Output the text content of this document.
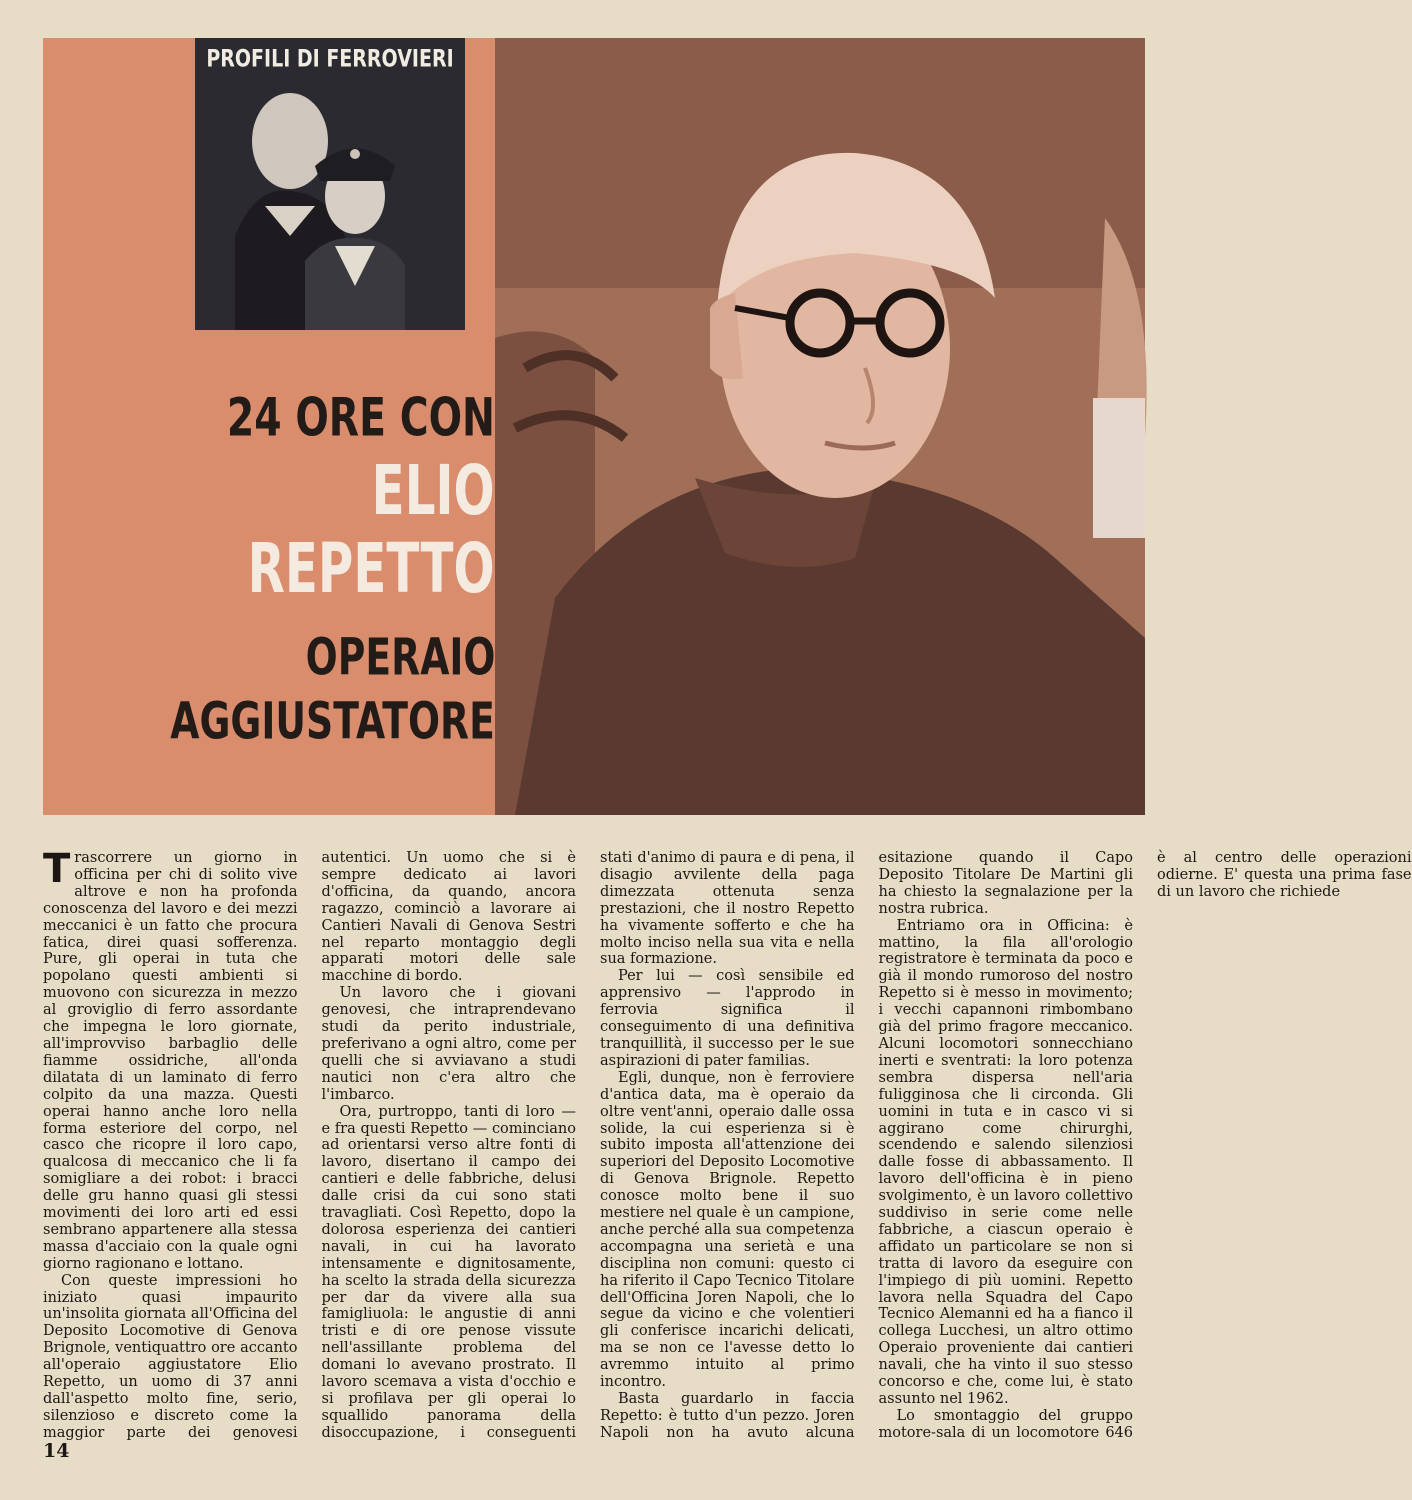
PROFILI DI FERROVIERI
24 ORE CON
ELIO
REPETTO
OPERAIO
AGGIUSTATORE

Trascorrere un giorno in officina per chi di solito vive altrove e non ha profonda conoscenza del lavoro e dei mezzi meccanici è un fatto che procura fatica, direi quasi sofferenza. Pure, gli operai in tuta che popolano questi ambienti si muovono con sicurezza in mezzo al groviglio di ferro assordante che impegna le loro giornate, all'improvviso barbaglio delle fiamme ossidriche, all'onda dilatata di un laminato di ferro colpito da una mazza. Questi operai hanno anche loro nella forma esteriore del corpo, nel casco che ricopre il loro capo, qualcosa di meccanico che li fa somigliare a dei robot: i bracci delle gru hanno quasi gli stessi movimenti dei loro arti ed essi sembrano appartenere alla stessa massa d'acciaio con la quale ogni giorno ragionano e lottano.

Con queste impressioni ho iniziato quasi impaurito un'insolita giornata all'Officina del Deposito Locomotive di Genova Brignole, ventiquattro ore accanto all'operaio aggiustatore Elio Repetto, un uomo di 37 anni dall'aspetto molto fine, serio, silenzioso e discreto come la maggior parte dei genovesi autentici. Un uomo che si è sempre dedicato ai lavori d'officina, da quando, ancora ragazzo, cominciò a lavorare ai Cantieri Navali di Genova Sestri nel reparto montaggio degli apparati motori delle sale macchine di bordo.

Un lavoro che i giovani genovesi, che intraprendevano studi da perito industriale, preferivano a ogni altro, come per quelli che si avviavano a studi nautici non c'era altro che l'imbarco.

Ora, purtroppo, tanti di loro — e fra questi Repetto — cominciano ad orientarsi verso altre fonti di lavoro, disertano il campo dei cantieri e delle fabbriche, delusi dalle crisi da cui sono stati travagliati. Così Repetto, dopo la dolorosa esperienza dei cantieri navali, in cui ha lavorato intensamente e dignitosamente, ha scelto la strada della sicurezza per dar da vivere alla sua famigliuola: le angustie di anni tristi e di ore penose vissute nell'assillante problema del domani lo avevano prostrato. Il lavoro scemava a vista d'occhio e si profilava per gli operai lo squallido panorama della disoccupazione, i conseguenti stati d'animo di paura e di pena, il disagio avvilente della paga dimezzata ottenuta senza prestazioni, che il nostro Repetto ha vivamente sofferto e che ha molto inciso nella sua vita e nella sua formazione.

Per lui — così sensibile ed apprensivo — l'approdo in ferrovia significa il conseguimento di una definitiva tranquillità, il successo per le sue aspirazioni di pater familias.

Egli, dunque, non è ferroviere d'antica data, ma è operaio da oltre vent'anni, operaio dalle ossa solide, la cui esperienza si è subito imposta all'attenzione dei superiori del Deposito Locomotive di Genova Brignole. Repetto conosce molto bene il suo mestiere nel quale è un campione, anche perché alla sua competenza accompagna una serietà e una disciplina non comuni: questo ci ha riferito il Capo Tecnico Titolare dell'Officina Joren Napoli, che lo segue da vicino e che volentieri gli conferisce incarichi delicati, ma se non ce l'avesse detto lo avremmo intuito al primo incontro.

Basta guardarlo in faccia Repetto: è tutto d'un pezzo. Joren Napoli non ha avuto alcuna esitazione quando il Capo Deposito Titolare De Martini gli ha chiesto la segnalazione per la nostra rubrica.

Entriamo ora in Officina: è mattino, la fila all'orologio registratore è terminata da poco e già il mondo rumoroso del nostro Repetto si è messo in movimento; i vecchi capannoni rimbombano già del primo fragore meccanico. Alcuni locomotori sonnecchiano inerti e sventrati: la loro potenza sembra dispersa nell'aria fuligginosa che li circonda. Gli uomini in tuta e in casco vi si aggirano come chirurghi, scendendo e salendo silenziosi dalle fosse di abbassamento. Il lavoro dell'officina è in pieno svolgimento, è un lavoro collettivo suddiviso in serie come nelle fabbriche, a ciascun operaio è affidato un particolare se non si tratta di lavoro da eseguire con l'impiego di più uomini. Repetto lavora nella Squadra del Capo Tecnico Alemanni ed ha a fianco il collega Lucchesi, un altro ottimo Operaio proveniente dai cantieri navali, che ha vinto il suo stesso concorso e che, come lui, è stato assunto nel 1962.

Lo smontaggio del gruppo motore-sala di un locomotore 646 è al centro delle operazioni odierne. E' questa una prima fase di un lavoro che richiede

14
